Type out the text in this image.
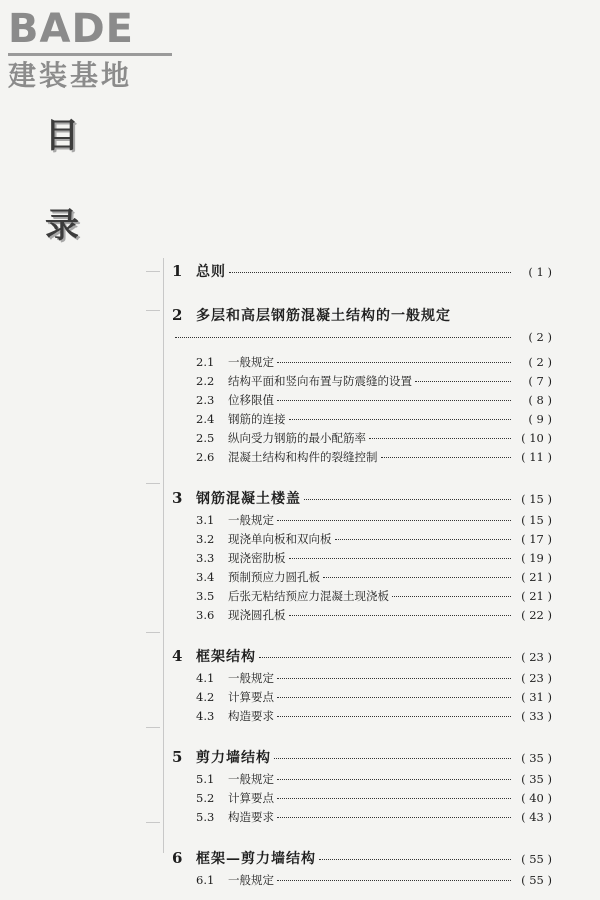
BADE
建装基地
目
录
1 总则	( 1 )
2 多层和高层钢筋混凝土结构的一般规定
( 2 )
2.1	一般规定	( 2 )
2.2	结构平面和竖向布置与防震缝的设置	( 7 )
2.3	位移限值	( 8 )
2.4	钢筋的连接	( 9 )
2.5	纵向受力钢筋的最小配筋率	( 10 )
2.6	混凝土结构和构件的裂缝控制	( 11 )
3 钢筋混凝土楼盖	( 15 )
3.1	一般规定	( 15 )
3.2	现浇单向板和双向板	( 17 )
3.3	现浇密肋板	( 19 )
3.4	预制预应力圆孔板	( 21 )
3.5	后张无粘结预应力混凝土现浇板	( 21 )
3.6	现浇圆孔板	( 22 )
4 框架结构	( 23 )
4.1	一般规定	( 23 )
4.2	计算要点	( 31 )
4.3	构造要求	( 33 )
5 剪力墙结构	( 35 )
5.1	一般规定	( 35 )
5.2	计算要点	( 40 )
5.3	构造要求	( 43 )
6 框架—剪力墙结构	( 55 )
6.1	一般规定	( 55 )
